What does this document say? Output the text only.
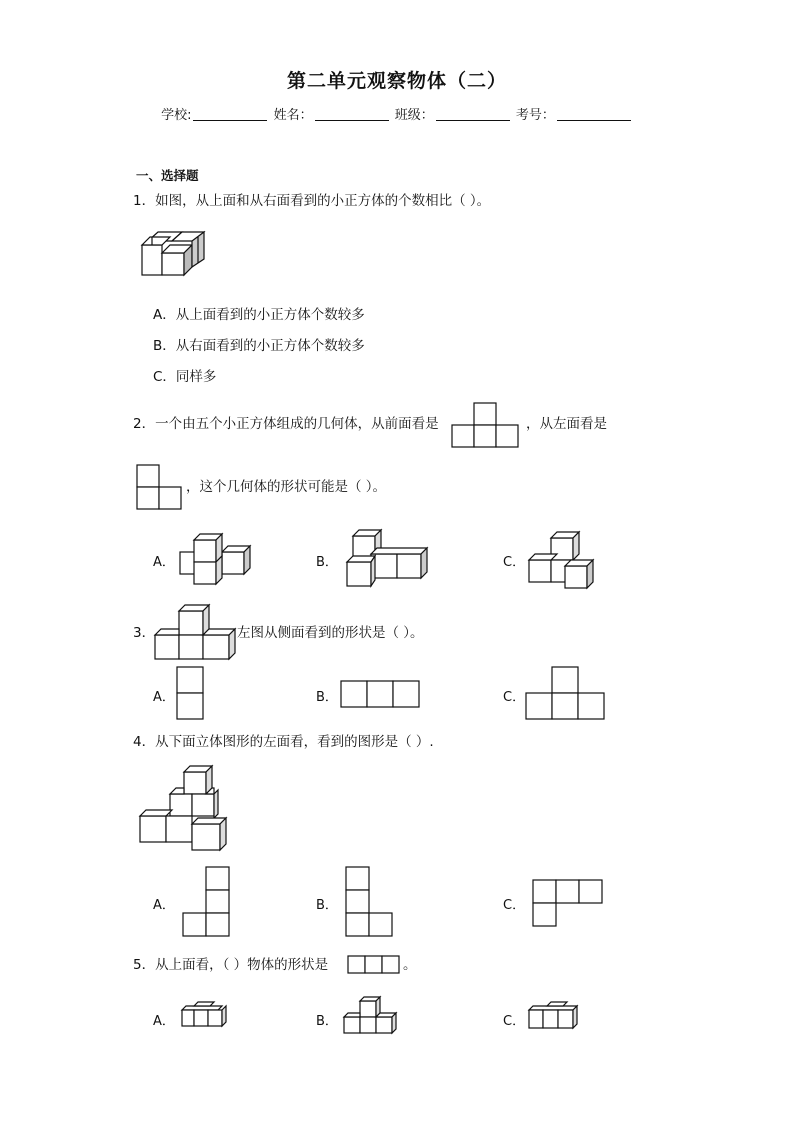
第二单元观察物体（二）
学校:	姓名：	班级：	考号：
一、选择题
1．如图，从上面和从右面看到的小正方体的个数相比（ ）。
A．从上面看到的小正方体个数较多
B．从右面看到的小正方体个数较多
C．同样多
2．一个由五个小正方体组成的几何体，从前面看是	，从左面看是
，这个几何体的形状可能是（ ）。
A．	B．	C．
3．	左图从侧面看到的形状是（ ）。
A．	B．	C．
4．从下面立体图形的左面看，看到的图形是（ ）.
A．	B．	C．
5．从上面看，（ ）物体的形状是	。
A．	B．	C．
